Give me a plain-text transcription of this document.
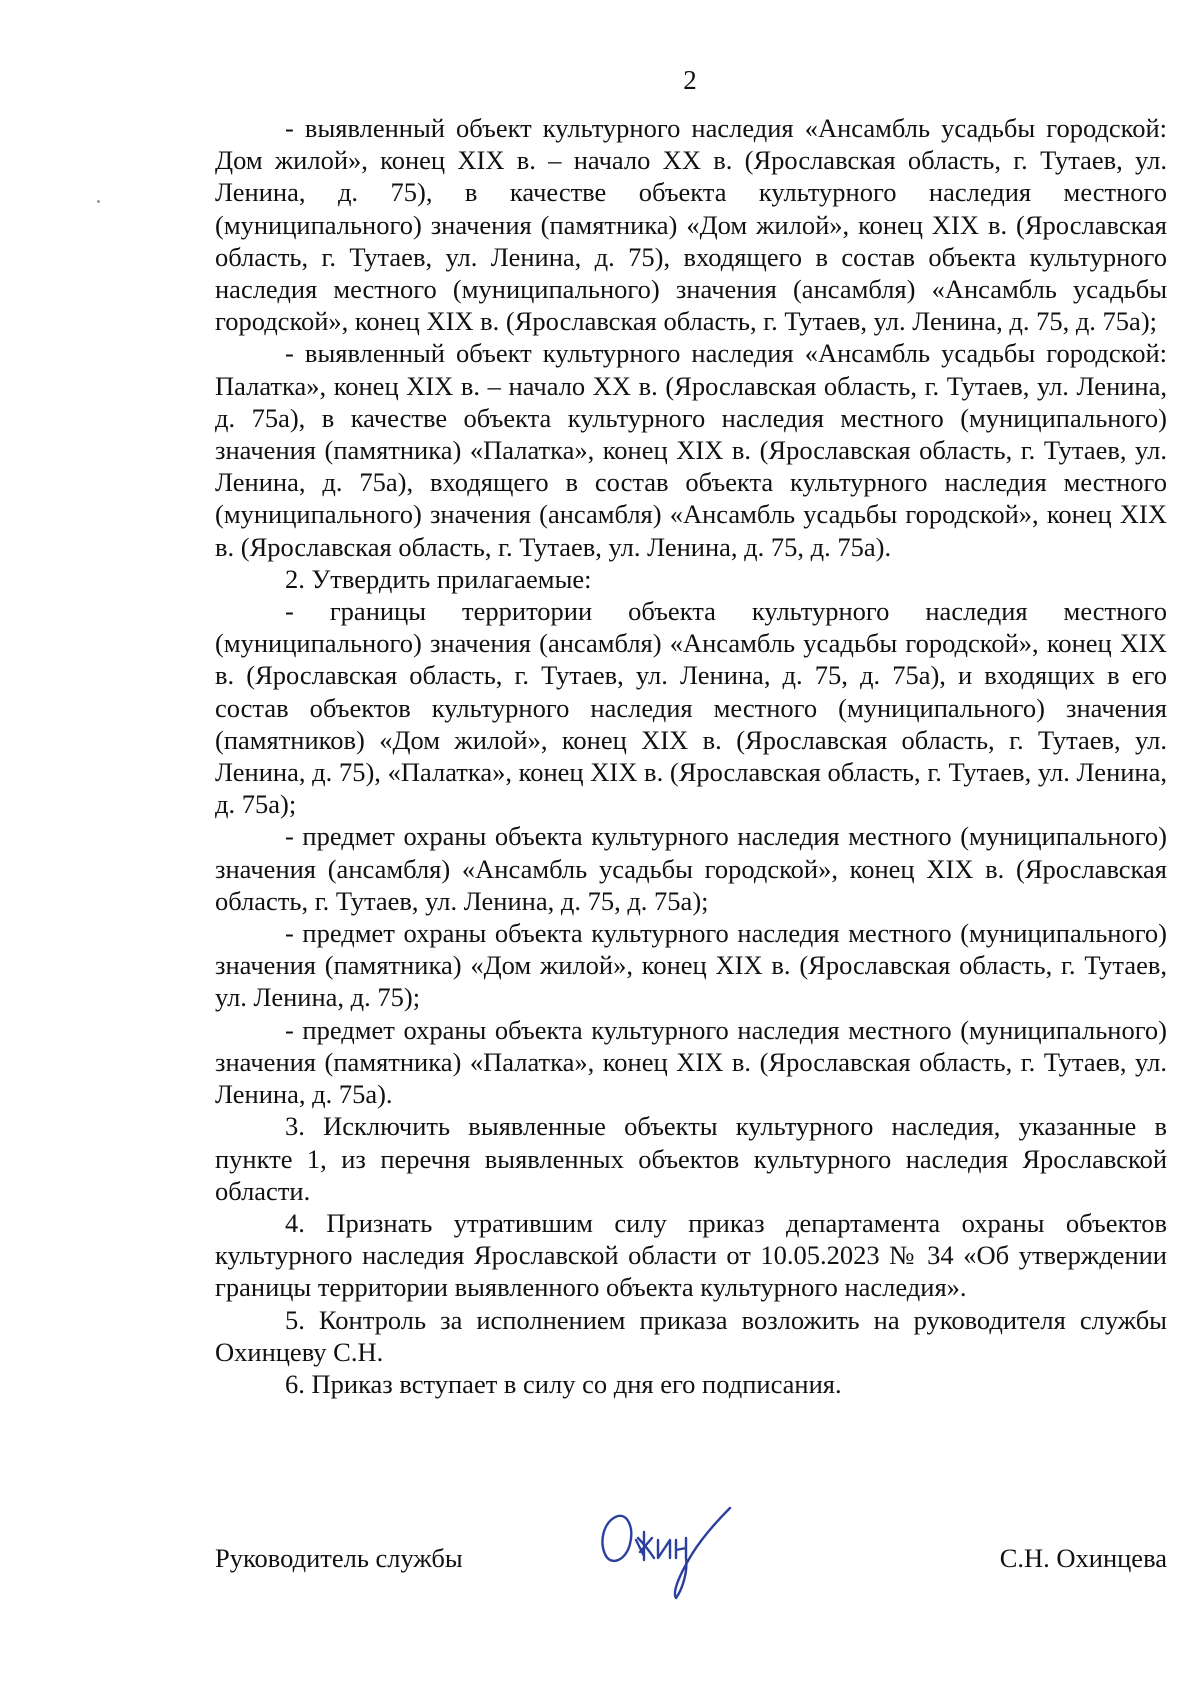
2

- выявленный объект культурного наследия «Ансамбль усадьбы городской: Дом жилой», конец XIX в. – начало XX в. (Ярославская область, г. Тутаев, ул. Ленина, д. 75), в качестве объекта культурного наследия местного (муниципального) значения (памятника) «Дом жилой», конец XIX в. (Ярославская область, г. Тутаев, ул. Ленина, д. 75), входящего в состав объекта культурного наследия местного (муниципального) значения (ансамбля) «Ансамбль усадьбы городской», конец XIX в. (Ярославская область, г. Тутаев, ул. Ленина, д. 75, д. 75а);

- выявленный объект культурного наследия «Ансамбль усадьбы городской: Палатка», конец XIX в. – начало XX в. (Ярославская область, г. Тутаев, ул. Ленина, д. 75а), в качестве объекта культурного наследия местного (муниципального) значения (памятника) «Палатка», конец XIX в. (Ярославская область, г. Тутаев, ул. Ленина, д. 75а), входящего в состав объекта культурного наследия местного (муниципального) значения (ансамбля) «Ансамбль усадьбы городской», конец XIX в. (Ярославская область, г. Тутаев, ул. Ленина, д. 75, д. 75а).

2. Утвердить прилагаемые:

- границы территории объекта культурного наследия местного (муниципального) значения (ансамбля) «Ансамбль усадьбы городской», конец XIX в. (Ярославская область, г. Тутаев, ул. Ленина, д. 75, д. 75а), и входящих в его состав объектов культурного наследия местного (муниципального) значения (памятников) «Дом жилой», конец XIX в. (Ярославская область, г. Тутаев, ул. Ленина, д. 75), «Палатка», конец XIX в. (Ярославская область, г. Тутаев, ул. Ленина, д. 75а);

- предмет охраны объекта культурного наследия местного (муниципального) значения (ансамбля) «Ансамбль усадьбы городской», конец XIX в. (Ярославская область, г. Тутаев, ул. Ленина, д. 75, д. 75а);

- предмет охраны объекта культурного наследия местного (муниципального) значения (памятника) «Дом жилой», конец XIX в. (Ярославская область, г. Тутаев, ул. Ленина, д. 75);

- предмет охраны объекта культурного наследия местного (муниципального) значения (памятника) «Палатка», конец XIX в. (Ярославская область, г. Тутаев, ул. Ленина, д. 75а).

3. Исключить выявленные объекты культурного наследия, указанные в пункте 1, из перечня выявленных объектов культурного наследия Ярославской области.

4. Признать утратившим силу приказ департамента охраны объектов культурного наследия Ярославской области от 10.05.2023 № 34 «Об утверждении границы территории выявленного объекта культурного наследия».

5. Контроль за исполнением приказа возложить на руководителя службы Охинцеву С.Н.

6. Приказ вступает в силу со дня его подписания.

Руководитель службы	С.Н. Охинцева
